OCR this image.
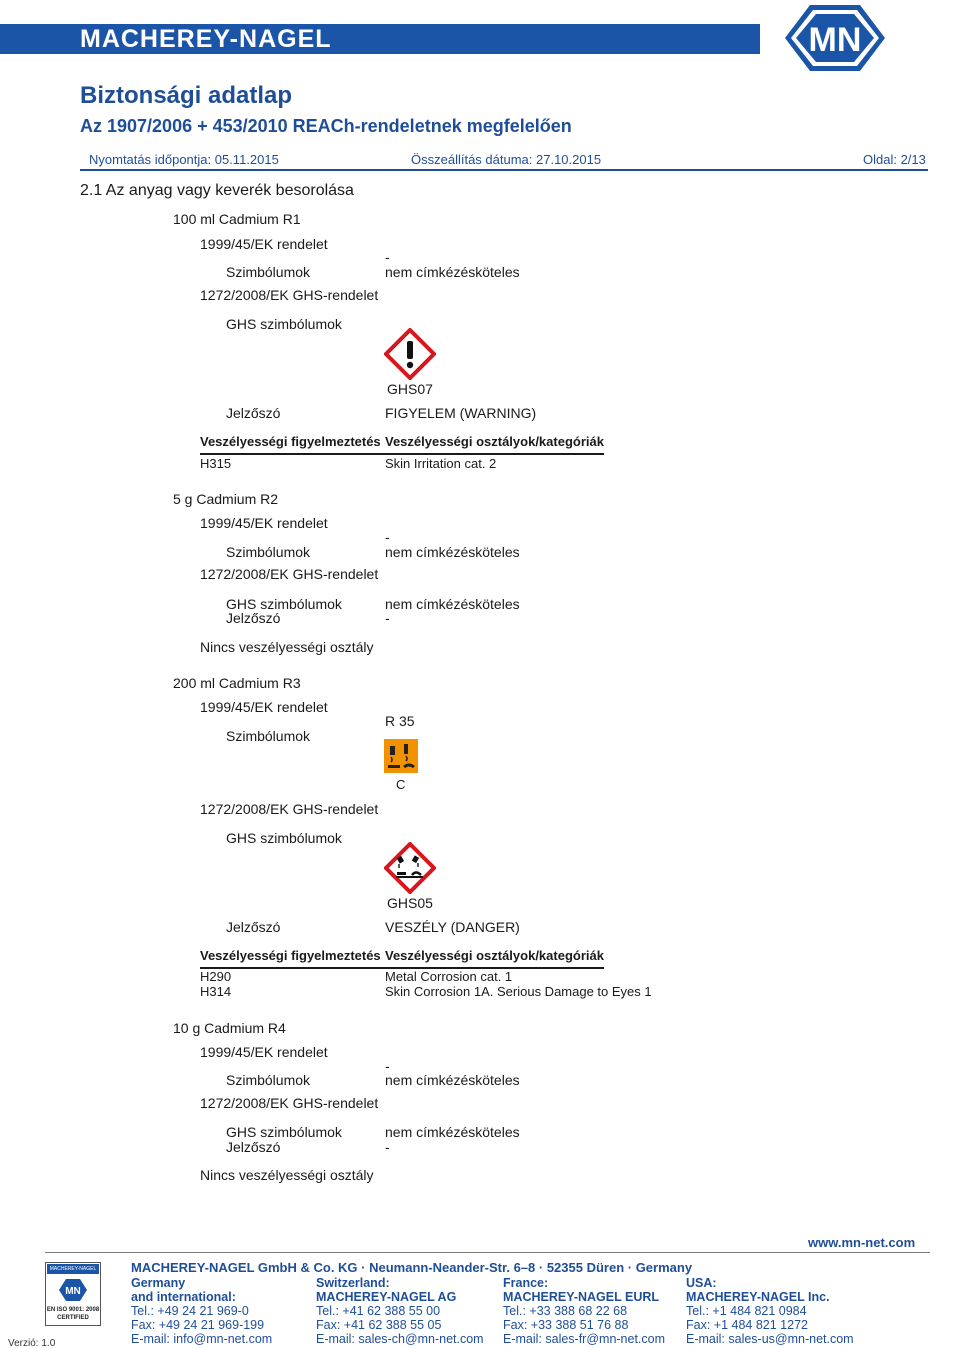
MACHEREY-NAGEL	MN
Biztonsági adatlap
Az 1907/2006 + 453/2010 REACh-rendeletnek megfelelően
Nyomtatás időpontja: 05.11.2015	Összeállítás dátuma: 27.10.2015	Oldal: 2/13
2.1 Az anyag vagy keverék besorolása
100 ml Cadmium R1
1999/45/EK rendelet
-
Szimbólumok	nem címkézésköteles
1272/2008/EK GHS-rendelet
GHS szimbólumok
GHS07
Jelzőszó	FIGYELEM (WARNING)
Veszélyességi figyelmeztetés Veszélyességi osztályok/kategóriák
H315	Skin Irritation cat. 2
5 g Cadmium R2
1999/45/EK rendelet
-
Szimbólumok	nem címkézésköteles
1272/2008/EK GHS-rendelet
GHS szimbólumok	nem címkézésköteles
Jelzőszó	-
Nincs veszélyességi osztály
200 ml Cadmium R3
1999/45/EK rendelet
R 35
Szimbólumok
C
1272/2008/EK GHS-rendelet
GHS szimbólumok
GHS05
Jelzőszó	VESZÉLY (DANGER)
Veszélyességi figyelmeztetés Veszélyességi osztályok/kategóriák
H290	Metal Corrosion cat. 1
H314	Skin Corrosion 1A. Serious Damage to Eyes 1
10 g Cadmium R4
1999/45/EK rendelet
-
Szimbólumok	nem címkézésköteles
1272/2008/EK GHS-rendelet
GHS szimbólumok	nem címkézésköteles
Jelzőszó	-
Nincs veszélyességi osztály
www.mn-net.com
MACHEREY-NAGEL
MN
EN ISO 9001: 2008
CERTIFIED
Verzió: 1.0
MACHEREY-NAGEL GmbH & Co. KG · Neumann-Neander-Str. 6–8 · 52355 Düren · Germany
Germany
and international:
Tel.: +49 24 21 969-0
Fax: +49 24 21 969-199
E-mail: info@mn-net.com
Switzerland:
MACHEREY-NAGEL AG
Tel.: +41 62 388 55 00
Fax: +41 62 388 55 05
E-mail: sales-ch@mn-net.com
France:
MACHEREY-NAGEL EURL
Tel.: +33 388 68 22 68
Fax: +33 388 51 76 88
E-mail: sales-fr@mn-net.com
USA:
MACHEREY-NAGEL Inc.
Tel.: +1 484 821 0984
Fax: +1 484 821 1272
E-mail: sales-us@mn-net.com
